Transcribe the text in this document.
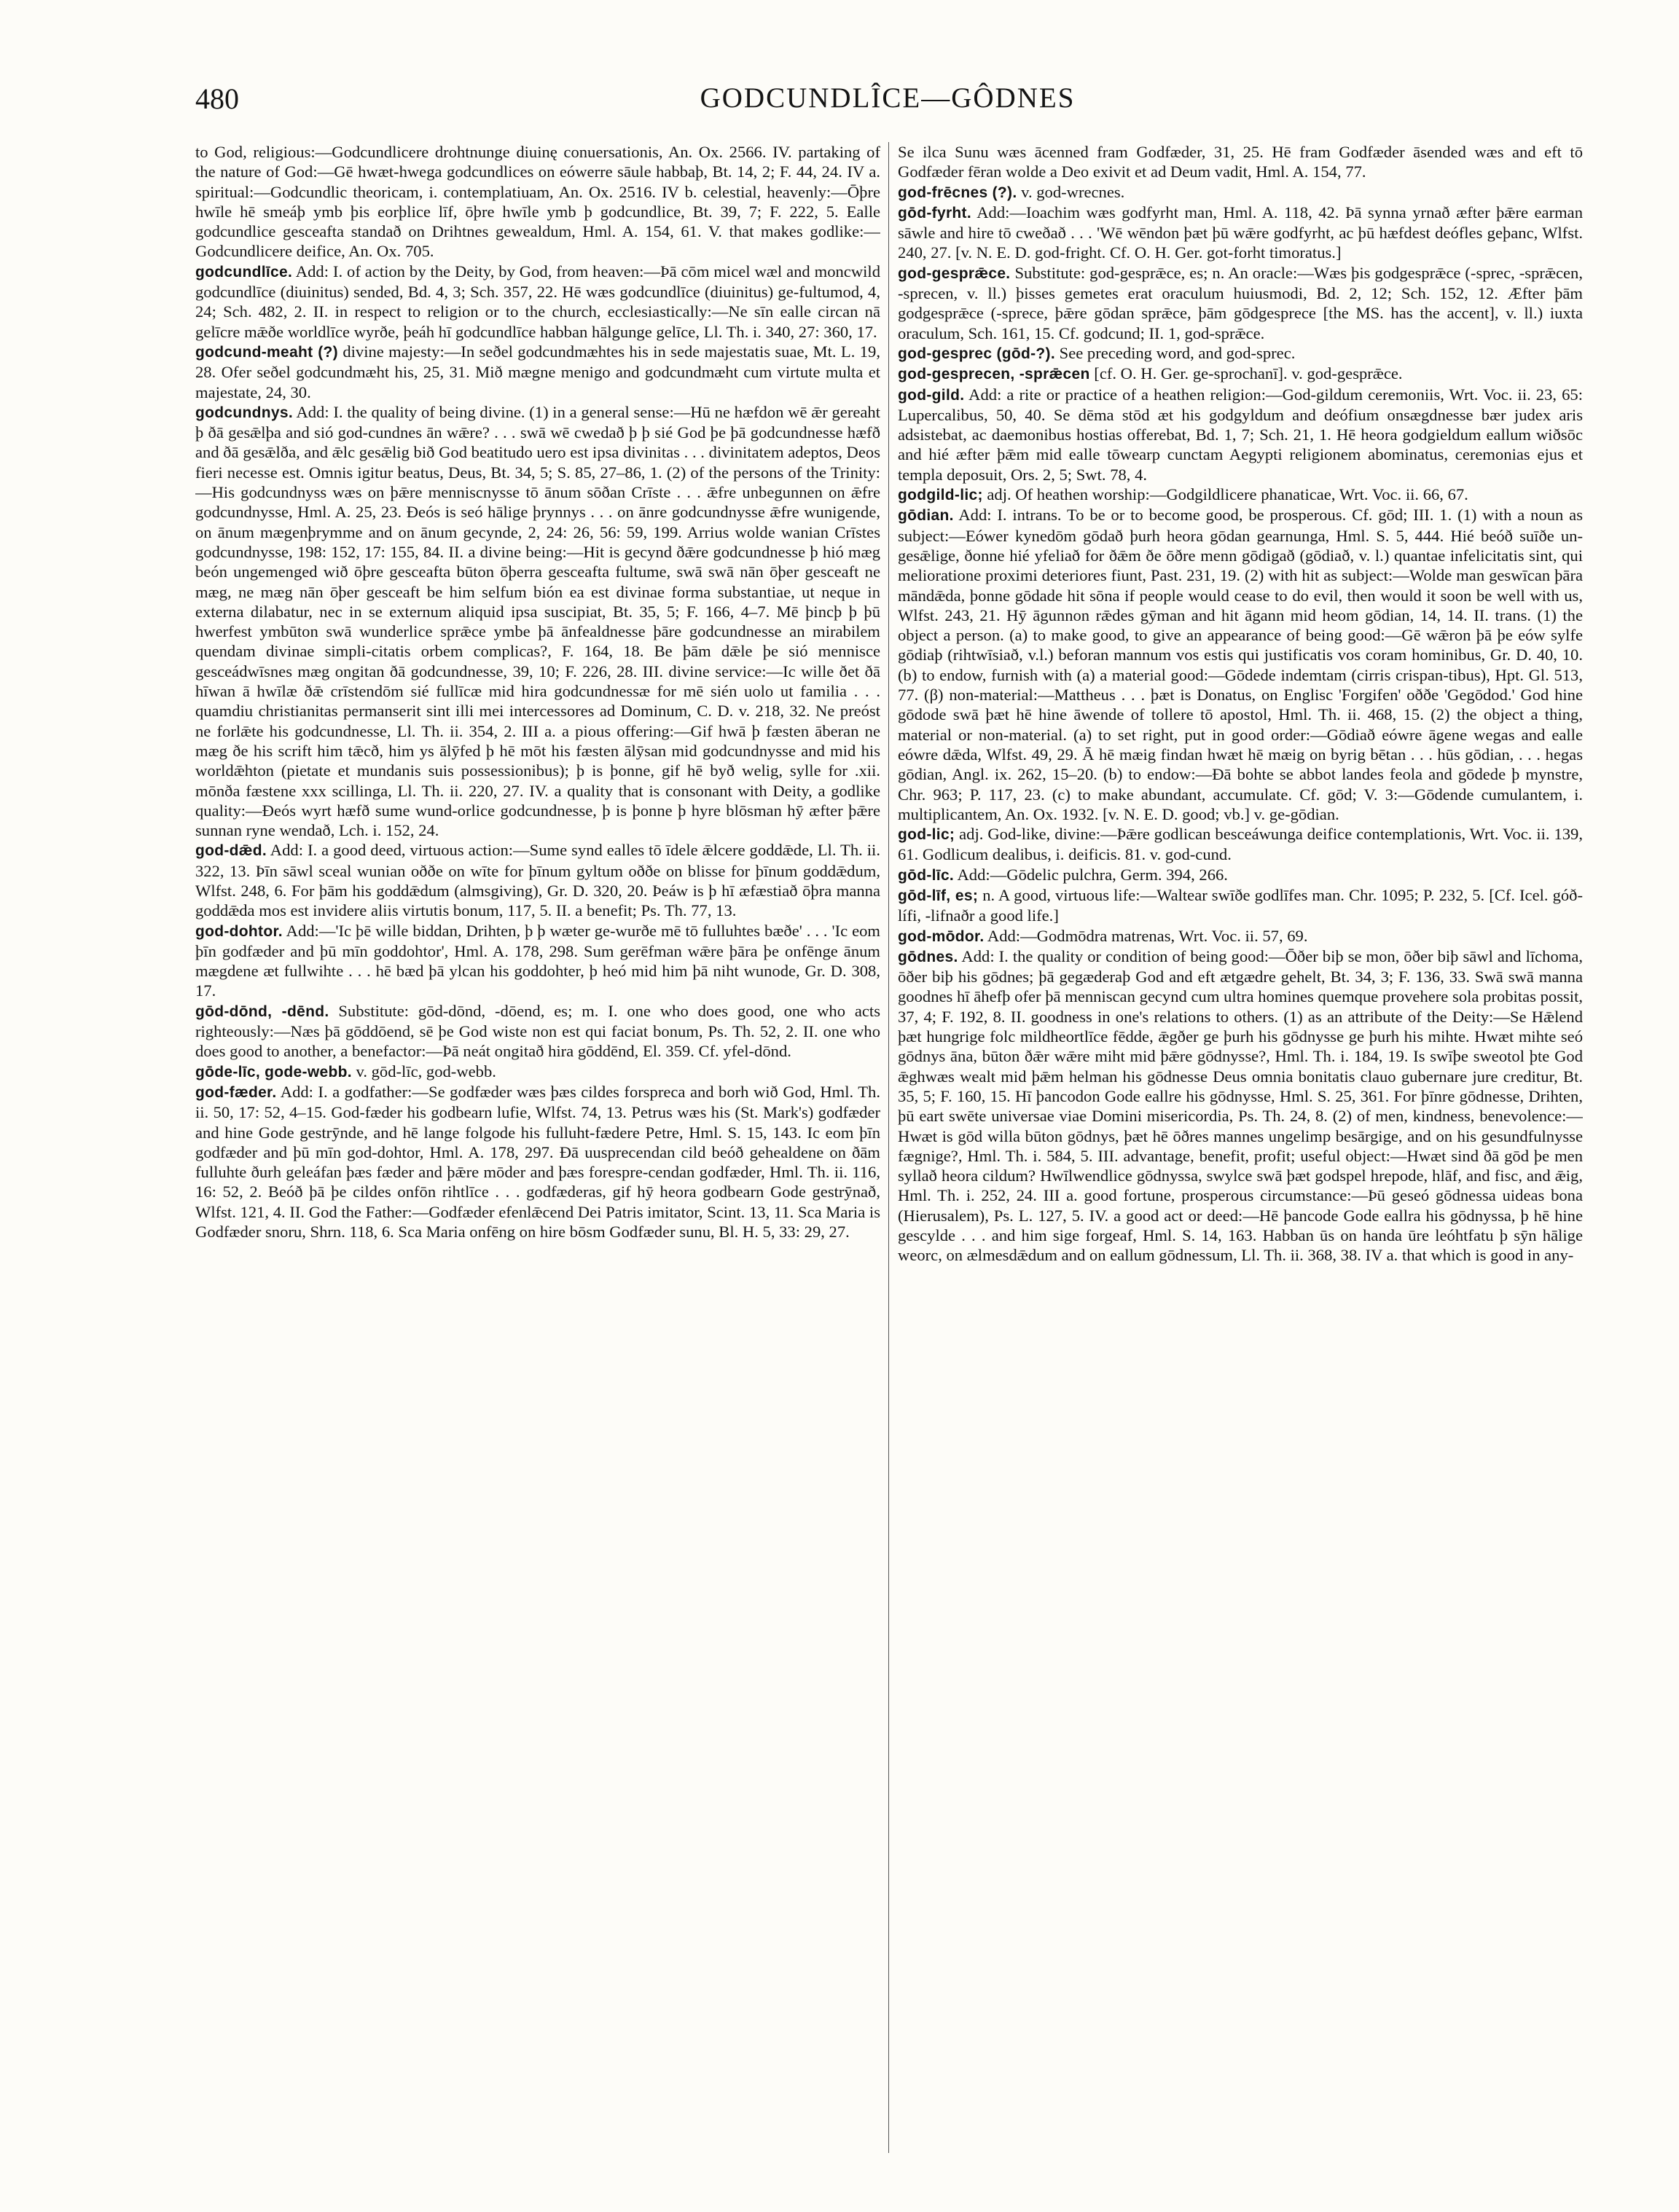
480	GODCUNDLÎCE—GÔDNES

to God, religious:—Godcundlicere drohtnunge diuinę conuersationis, An. Ox. 2566. IV. partaking of the nature of God:—Gē hwæt-hwega godcundlices on eówerre sāule habbaþ, Bt. 14, 2; F. 44, 24. IV a. spiritual:—Godcundlic theoricam, i. contemplatiuam, An. Ox. 2516. IV b. celestial, heavenly:—Ōþre hwīle hē smeáþ ymb þis eorþlice līf, ōþre hwīle ymb þ godcundlice, Bt. 39, 7; F. 222, 5. Ealle godcundlice gesceafta standað on Drihtnes gewealdum, Hml. A. 154, 61. V. that makes godlike:—Godcundlicere deifice, An. Ox. 705.

godcundlīce. Add: I. of action by the Deity, by God, from heaven:—Þā cōm micel wæl and moncwild godcundlīce (diuinitus) sended, Bd. 4, 3; Sch. 357, 22. Hē wæs godcundlīce (diuinitus) ge-fultumod, 4, 24; Sch. 482, 2. II. in respect to religion or to the church, ecclesiastically:—Ne sīn ealle circan nā gelīcre mǣðe worldlīce wyrðe, þeáh hī godcundlīce habban hālgunge gelīce, Ll. Th. i. 340, 27: 360, 17.

godcund-meaht (?) divine majesty:—In seðel godcundmæhtes his in sede majestatis suae, Mt. L. 19, 28. Ofer seðel godcundmæht his, 25, 31. Mið mægne menigo and godcundmæht cum virtute multa et majestate, 24, 30.

godcundnys. Add: I. the quality of being divine. (1) in a general sense:—Hū ne hæfdon wē ǣr gereaht þ ðā gesǣlþa and sió god-cundnes ān wǣre? . . . swā wē cwedað þ þ sié God þe þā godcundnesse hæfð and ðā gesǣlða, and ǣlc gesǣlig bið God beatitudo uero est ipsa divinitas . . . divinitatem adeptos, Deos fieri necesse est. Omnis igitur beatus, Deus, Bt. 34, 5; S. 85, 27–86, 1. (2) of the persons of the Trinity:—His godcundnyss wæs on þǣre menniscnysse tō ānum sōðan Crīste . . . ǣfre unbegunnen on ǣfre godcundnysse, Hml. A. 25, 23. Ðeós is seó hālige þrynnys . . . on ānre godcundnysse ǣfre wunigende, on ānum mægenþrymme and on ānum gecynde, 2, 24: 26, 56: 59, 199. Arrius wolde wanian Crīstes godcundnysse, 198: 152, 17: 155, 84. II. a divine being:—Hit is gecynd ðǣre godcundnesse þ hió mæg beón ungemenged wið ōþre gesceafta būton ōþerra gesceafta fultume, swā swā nān ōþer gesceaft ne mæg, ne mæg nān ōþer gesceaft be him selfum bión ea est divinae forma substantiae, ut neque in externa dilabatur, nec in se externum aliquid ipsa suscipiat, Bt. 35, 5; F. 166, 4–7. Mē þincþ þ þū hwerfest ymbūton swā wunderlice sprǣce ymbe þā ānfealdnesse þāre godcundnesse an mirabilem quendam divinae simpli-citatis orbem complicas?, F. 164, 18. Be þām dǣle þe sió mennisce gesceádwīsnes mæg ongitan ðā godcundnesse, 39, 10; F. 226, 28. III. divine service:—Ic wille ðet ðā hīwan ā hwīlæ ðǣ crīstendōm sié fullīcæ mid hira godcundnessæ for mē sién uolo ut familia . . . quamdiu christianitas permanserit sint illi mei intercessores ad Dominum, C. D. v. 218, 32. Ne preóst ne forlǣte his godcundnesse, Ll. Th. ii. 354, 2. III a. a pious offering:—Gif hwā þ fæsten āberan ne mæg ðe his scrift him tǣcð, him ys ālȳfed þ hē mōt his fæsten ālȳsan mid godcundnysse and mid his worldǣhton (pietate et mundanis suis possessionibus); þ is þonne, gif hē byð welig, sylle for .xii. mōnða fæstene xxx scillinga, Ll. Th. ii. 220, 27. IV. a quality that is consonant with Deity, a godlike quality:—Ðeós wyrt hæfð sume wund-orlice godcundnesse, þ is þonne þ hyre blōsman hȳ æfter þǣre sunnan ryne wendað, Lch. i. 152, 24.

god-dǣd. Add: I. a good deed, virtuous action:—Sume synd ealles tō īdele ǣlcere goddǣde, Ll. Th. ii. 322, 13. Þīn sāwl sceal wunian oððe on wīte for þīnum gyltum oððe on blisse for þīnum goddǣdum, Wlfst. 248, 6. For þām his goddǣdum (almsgiving), Gr. D. 320, 20. Þeáw is þ hī æfæstiað ōþra manna goddǣda mos est invidere aliis virtutis bonum, 117, 5. II. a benefit; Ps. Th. 77, 13.

god-dohtor. Add:—'Ic þē wille biddan, Drihten, þ þ wæter ge-wurðe mē tō fulluhtes bæðe' . . . 'Ic eom þīn godfæder and þū mīn goddohtor', Hml. A. 178, 298. Sum gerēfman wǣre þāra þe onfēnge ānum mægdene æt fullwihte . . . hē bæd þā ylcan his goddohter, þ heó mid him þā niht wunode, Gr. D. 308, 17.

gōd-dōnd, -dēnd. Substitute: gōd-dōnd, -dōend, es; m. I. one who does good, one who acts righteously:—Næs þā gōddōend, sē þe God wiste non est qui faciat bonum, Ps. Th. 52, 2. II. one who does good to another, a benefactor:—Þā neát ongitað hira gōddēnd, El. 359. Cf. yfel-dōnd.

gōde-līc, gode-webb. v. gōd-līc, god-webb.

god-fæder. Add: I. a godfather:—Se godfæder wæs þæs cildes forspreca and borh wið God, Hml. Th. ii. 50, 17: 52, 4–15. God-fæder his godbearn lufie, Wlfst. 74, 13. Petrus wæs his (St. Mark's) godfæder and hine Gode gestrȳnde, and hē lange folgode his fulluht-fædere Petre, Hml. S. 15, 143. Ic eom þīn godfæder and þū mīn god-dohtor, Hml. A. 178, 297. Ðā uusprecendan cild beóð gehealdene on ðām fulluhte ðurh geleáfan þæs fæder and þǣre mōder and þæs forespre-cendan godfæder, Hml. Th. ii. 116, 16: 52, 2. Beóð þā þe cildes onfōn rihtlīce . . . godfæderas, gif hȳ heora godbearn Gode gestrȳnað, Wlfst. 121, 4. II. God the Father:—Godfæder efenlǣcend Dei Patris imitator, Scint. 13, 11. Sca Maria is Godfæder snoru, Shrn. 118, 6. Sca Maria onfēng on hire bōsm Godfæder sunu, Bl. H. 5, 33: 29, 27.

Se ilca Sunu wæs ācenned fram Godfæder, 31, 25. Hē fram Godfæder āsended wæs and eft tō Godfæder fēran wolde a Deo exivit et ad Deum vadit, Hml. A. 154, 77.

god-frēcnes (?). v. god-wrecnes.

gōd-fyrht. Add:—Ioachim wæs godfyrht man, Hml. A. 118, 42. Þā synna yrnað æfter þǣre earman sāwle and hire tō cweðað . . . 'Wē wēndon þæt þū wǣre godfyrht, ac þū hæfdest deófles geþanc, Wlfst. 240, 27. [v. N. E. D. god-fright. Cf. O. H. Ger. got-forht timoratus.]

god-gesprǣce. Substitute: god-gesprǣce, es; n. An oracle:—Wæs þis godgesprǣce (-sprec, -sprǣcen, -sprecen, v. ll.) þisses gemetes erat oraculum huiusmodi, Bd. 2, 12; Sch. 152, 12. Æfter þām godgesprǣce (-sprece, þǣre gōdan sprǣce, þām gōdgesprece [the MS. has the accent], v. ll.) iuxta oraculum, Sch. 161, 15. Cf. godcund; II. 1, god-sprǣce.

god-gesprec (gōd-?). See preceding word, and god-sprec.

god-gesprecen, -sprǣcen [cf. O. H. Ger. ge-sprochanī]. v. god-gesprǣce.

god-gild. Add: a rite or practice of a heathen religion:—God-gildum ceremoniis, Wrt. Voc. ii. 23, 65: Lupercalibus, 50, 40. Se dēma stōd æt his godgyldum and deófium onsægdnesse bær judex aris adsistebat, ac daemonibus hostias offerebat, Bd. 1, 7; Sch. 21, 1. Hē heora godgieldum eallum wiðsōc and hié æfter þǣm mid ealle tōwearp cunctam Aegypti religionem abominatus, ceremonias ejus et templa deposuit, Ors. 2, 5; Swt. 78, 4.

godgild-lic; adj. Of heathen worship:—Godgildlicere phanaticae, Wrt. Voc. ii. 66, 67.

gōdian. Add: I. intrans. To be or to become good, be prosperous. Cf. gōd; III. 1. (1) with a noun as subject:—Eówer kynedōm gōdað þurh heora gōdan gearnunga, Hml. S. 5, 444. Hié beóð suīðe un-gesǣlige, ðonne hié yfeliað for ðǣm ðe ōðre menn gōdigað (gōdiað, v. l.) quantae infelicitatis sint, qui melioratione proximi deteriores fiunt, Past. 231, 19. (2) with hit as subject:—Wolde man geswīcan þāra māndǣda, þonne gōdade hit sōna if people would cease to do evil, then would it soon be well with us, Wlfst. 243, 21. Hȳ āgunnon rǣdes gȳman and hit āgann mid heom gōdian, 14, 14. II. trans. (1) the object a person. (a) to make good, to give an appearance of being good:—Gē wǣron þā þe eów sylfe gōdiaþ (rihtwīsiað, v.l.) beforan mannum vos estis qui justificatis vos coram hominibus, Gr. D. 40, 10. (b) to endow, furnish with (a) a material good:—Gōdede indemtam (cirris crispan-tibus), Hpt. Gl. 513, 77. (β) non-material:—Mattheus . . . þæt is Donatus, on Englisc 'Forgifen' oððe 'Gegōdod.' God hine gōdode swā þæt hē hine āwende of tollere tō apostol, Hml. Th. ii. 468, 15. (2) the object a thing, material or non-material. (a) to set right, put in good order:—Gōdiað eówre āgene wegas and ealle eówre dǣda, Wlfst. 49, 29. Ā hē mæig findan hwæt hē mæig on byrig bētan . . . hūs gōdian, . . . hegas gōdian, Angl. ix. 262, 15–20. (b) to endow:—Ðā bohte se abbot landes feola and gōdede þ mynstre, Chr. 963; P. 117, 23. (c) to make abundant, accumulate. Cf. gōd; V. 3:—Gōdende cumulantem, i. multiplicantem, An. Ox. 1932. [v. N. E. D. good; vb.] v. ge-gōdian.

god-lic; adj. God-like, divine:—Þǣre godlican besceáwunga deifice contemplationis, Wrt. Voc. ii. 139, 61. Godlicum dealibus, i. deificis. 81. v. god-cund.

gōd-līc. Add:—Gōdelic pulchra, Germ. 394, 266.

gōd-līf, es; n. A good, virtuous life:—Waltear swīðe godlīfes man. Chr. 1095; P. 232, 5. [Cf. Icel. góð-lífi, -lifnaðr a good life.]

god-mōdor. Add:—Godmōdra matrenas, Wrt. Voc. ii. 57, 69.

gōdnes. Add: I. the quality or condition of being good:—Ōðer biþ se mon, ōðer biþ sāwl and līchoma, ōðer biþ his gōdnes; þā gegæderaþ God and eft ætgædre gehelt, Bt. 34, 3; F. 136, 33. Swā swā manna goodnes hī āhefþ ofer þā menniscan gecynd cum ultra homines quemque provehere sola probitas possit, 37, 4; F. 192, 8. II. goodness in one's relations to others. (1) as an attribute of the Deity:—Se Hǣlend þæt hungrige folc mildheortlīce fēdde, ǣgðer ge þurh his gōdnysse ge þurh his mihte. Hwæt mihte seó gōdnys āna, būton ðǣr wǣre miht mid þǣre gōdnysse?, Hml. Th. i. 184, 19. Is swīþe sweotol þte God ǣghwæs wealt mid þǣm helman his gōdnesse Deus omnia bonitatis clauo gubernare jure creditur, Bt. 35, 5; F. 160, 15. Hī þancodon Gode eallre his gōdnysse, Hml. S. 25, 361. For þīnre gōdnesse, Drihten, þū eart swēte universae viae Domini misericordia, Ps. Th. 24, 8. (2) of men, kindness, benevolence:—Hwæt is gōd willa būton gōdnys, þæt hē ōðres mannes ungelimp besārgige, and on his gesundfulnysse fægnige?, Hml. Th. i. 584, 5. III. advantage, benefit, profit; useful object:—Hwæt sind ðā gōd þe men syllað heora cildum? Hwīlwendlice gōdnyssa, swylce swā þæt godspel hrepode, hlāf, and fisc, and ǣig, Hml. Th. i. 252, 24. III a. good fortune, prosperous circumstance:—Þū geseó gōdnessa uideas bona (Hierusalem), Ps. L. 127, 5. IV. a good act or deed:—Hē þancode Gode eallra his gōdnyssa, þ hē hine gescylde . . . and him sige forgeaf, Hml. S. 14, 163. Habban ūs on handa ūre leóhtfatu þ sȳn hālige weorc, on ælmesdǣdum and on eallum gōdnessum, Ll. Th. ii. 368, 38. IV a. that which is good in any-
